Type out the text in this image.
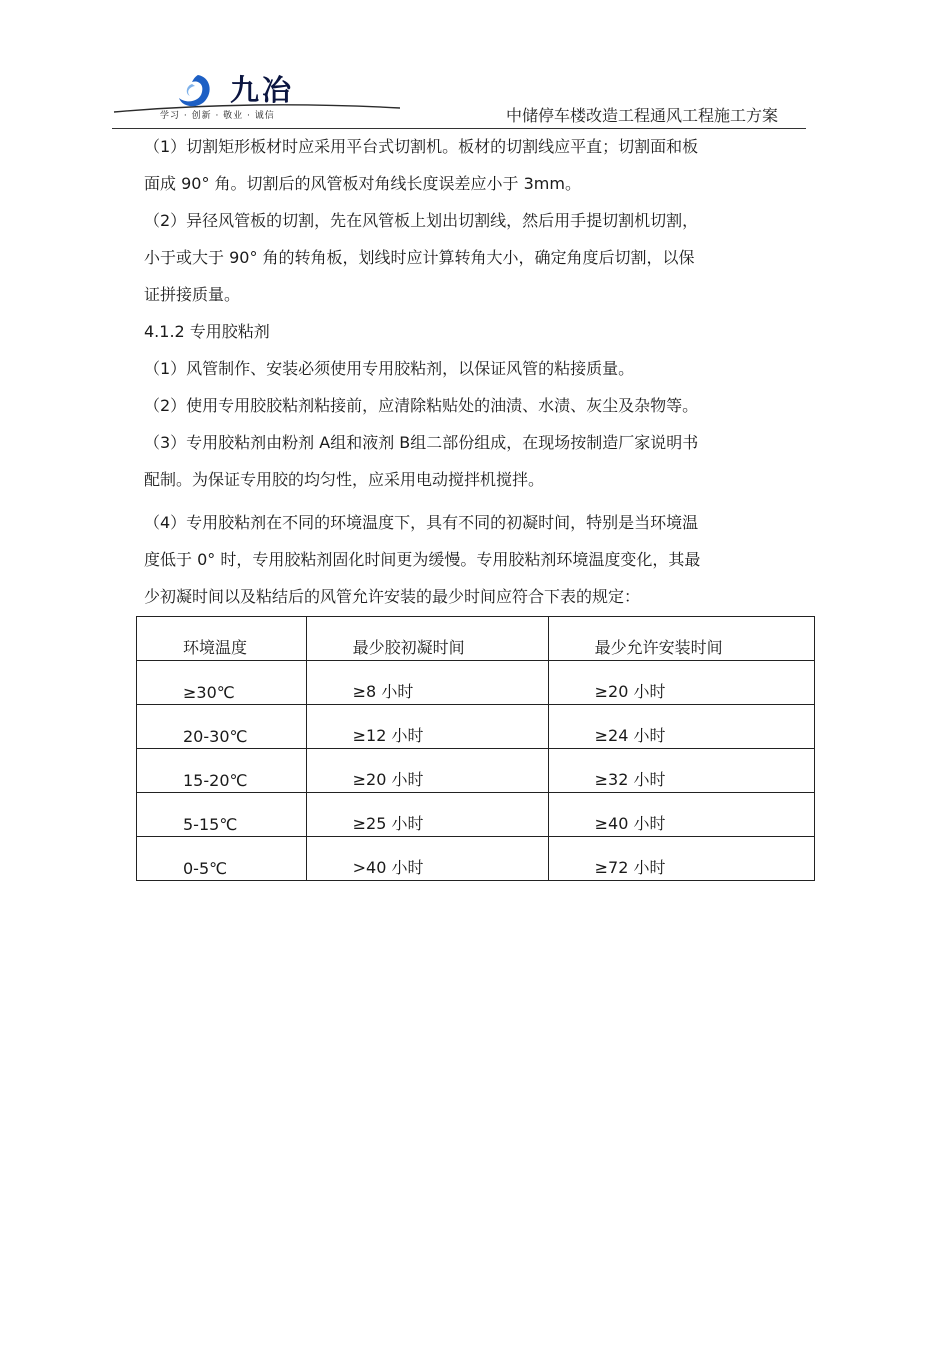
九冶
学习 · 创新 · 敬业 · 诚信	中储停车楼改造工程通风工程施工方案
（1）切割矩形板材时应采用平台式切割机。板材的切割线应平直；切割面和板
面成 90° 角。切割后的风管板对角线长度误差应小于 3mm。
（2）异径风管板的切割，先在风管板上划出切割线，然后用手提切割机切割，
小于或大于 90° 角的转角板，划线时应计算转角大小，确定角度后切割，以保
证拼接质量。
4.1.2 专用胶粘剂
（1）风管制作、安装必须使用专用胶粘剂，以保证风管的粘接质量。
（2）使用专用胶胶粘剂粘接前，应清除粘贴处的油渍、水渍、灰尘及杂物等。
（3）专用胶粘剂由粉剂 A组和液剂 B组二部份组成，在现场按制造厂家说明书
配制。为保证专用胶的均匀性，应采用电动搅拌机搅拌。
（4）专用胶粘剂在不同的环境温度下，具有不同的初凝时间，特别是当环境温
度低于 0° 时，专用胶粘剂固化时间更为缓慢。专用胶粘剂环境温度变化，其最
少初凝时间以及粘结后的风管允许安装的最少时间应符合下表的规定：
环境温度	最少胶初凝时间	最少允许安装时间
≥30℃	≥8 小时	≥20 小时
20-30℃	≥12 小时	≥24 小时
15-20℃	≥20 小时	≥32 小时
5-15℃	≥25 小时	≥40 小时
0-5℃	>40 小时	≥72 小时
